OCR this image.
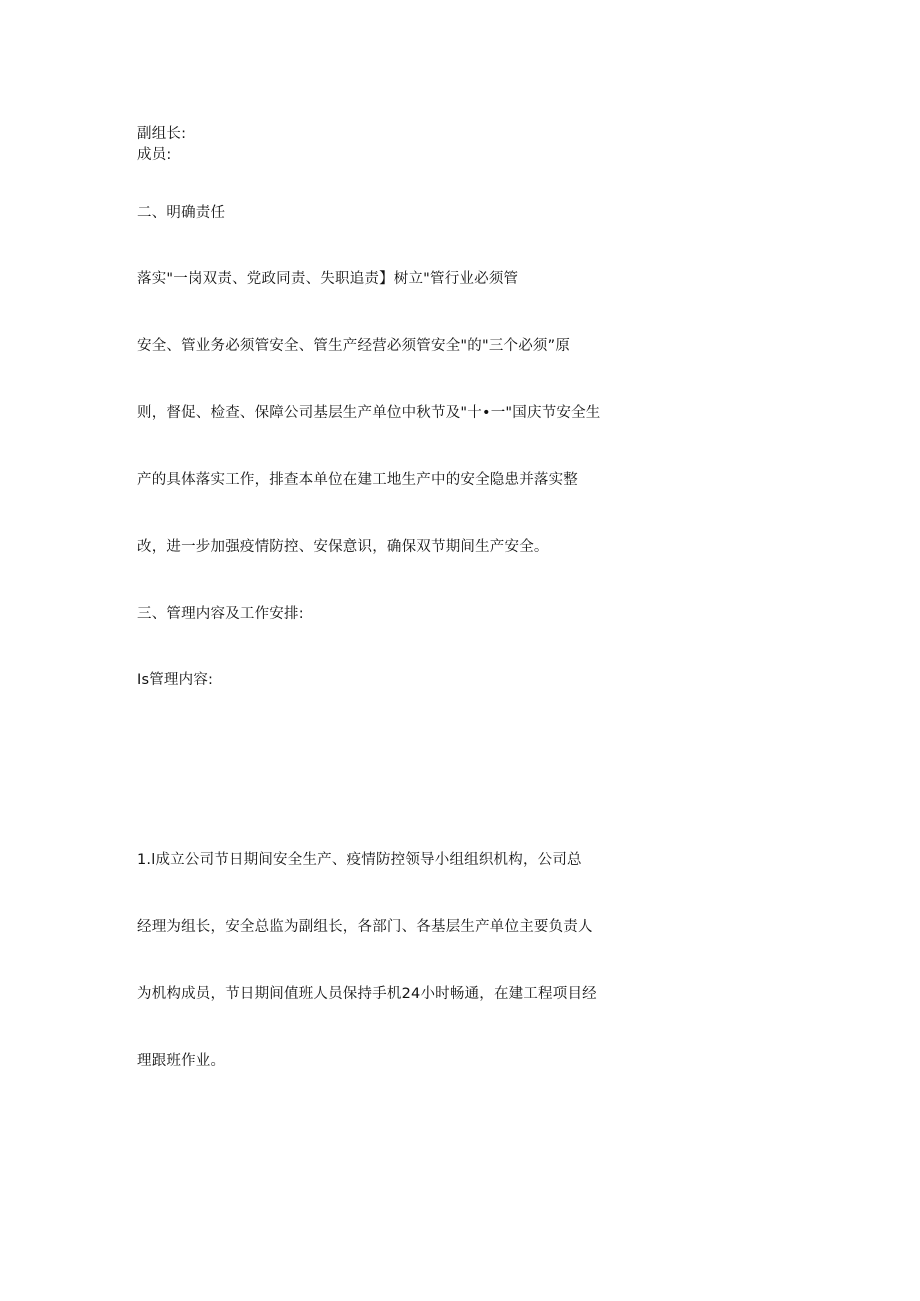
副组长:
成员:
二、明确责任
落实"一岗双责、党政同责、失职追责】树立"管行业必须管
安全、管业务必须管安全、管生产经营必须管安全"的"三个必须”原
则，督促、检查、保障公司基层生产单位中秋节及"十•一"国庆节安全生
产的具体落实工作，排查本单位在建工地生产中的安全隐患并落实整
改，进一步加强疫情防控、安保意识，确保双节期间生产安全。
三、管理内容及工作安排:
Is管理内容:
1.l成立公司节日期间安全生产、疫情防控领导小组组织机构，公司总
经理为组长，安全总监为副组长，各部门、各基层生产单位主要负责人
为机构成员，节日期间值班人员保持手机24小时畅通，在建工程项目经
理跟班作业。
